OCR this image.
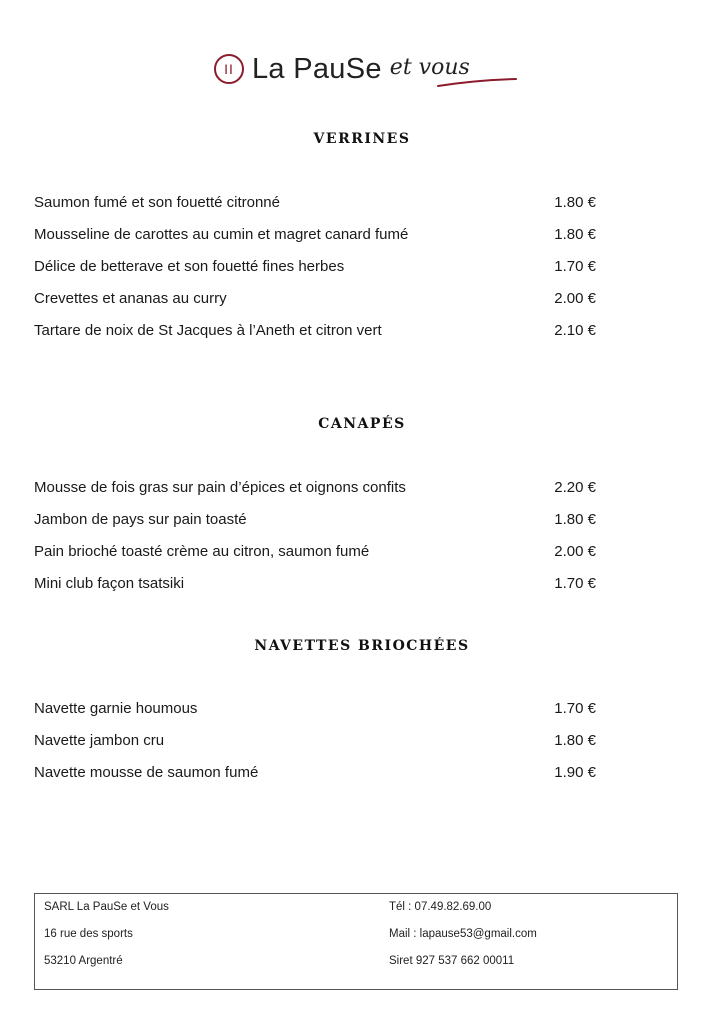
II La PauSe et vous
VERRINES
Saumon fumé et son fouetté citronné	1.80 €
Mousseline de carottes au cumin et magret canard fumé	1.80 €
Délice de betterave et son fouetté fines herbes	1.70 €
Crevettes et ananas au curry	2.00 €
Tartare de noix de St Jacques à l’Aneth et citron vert	2.10 €
CANAPÉS
Mousse de fois gras sur pain d’épices et oignons confits	2.20 €
Jambon de pays sur pain toasté	1.80 €
Pain brioché toasté crème au citron, saumon fumé	2.00 €
Mini club façon tsatsiki	1.70 €
NAVETTES BRIOCHÉES
Navette garnie houmous	1.70 €
Navette jambon cru	1.80 €
Navette mousse de saumon fumé	1.90 €
SARL La PauSe et Vous
16 rue des sports
53210 Argentré
Tél : 07.49.82.69.00
Mail : lapause53@gmail.com
Siret 927 537 662 00011
